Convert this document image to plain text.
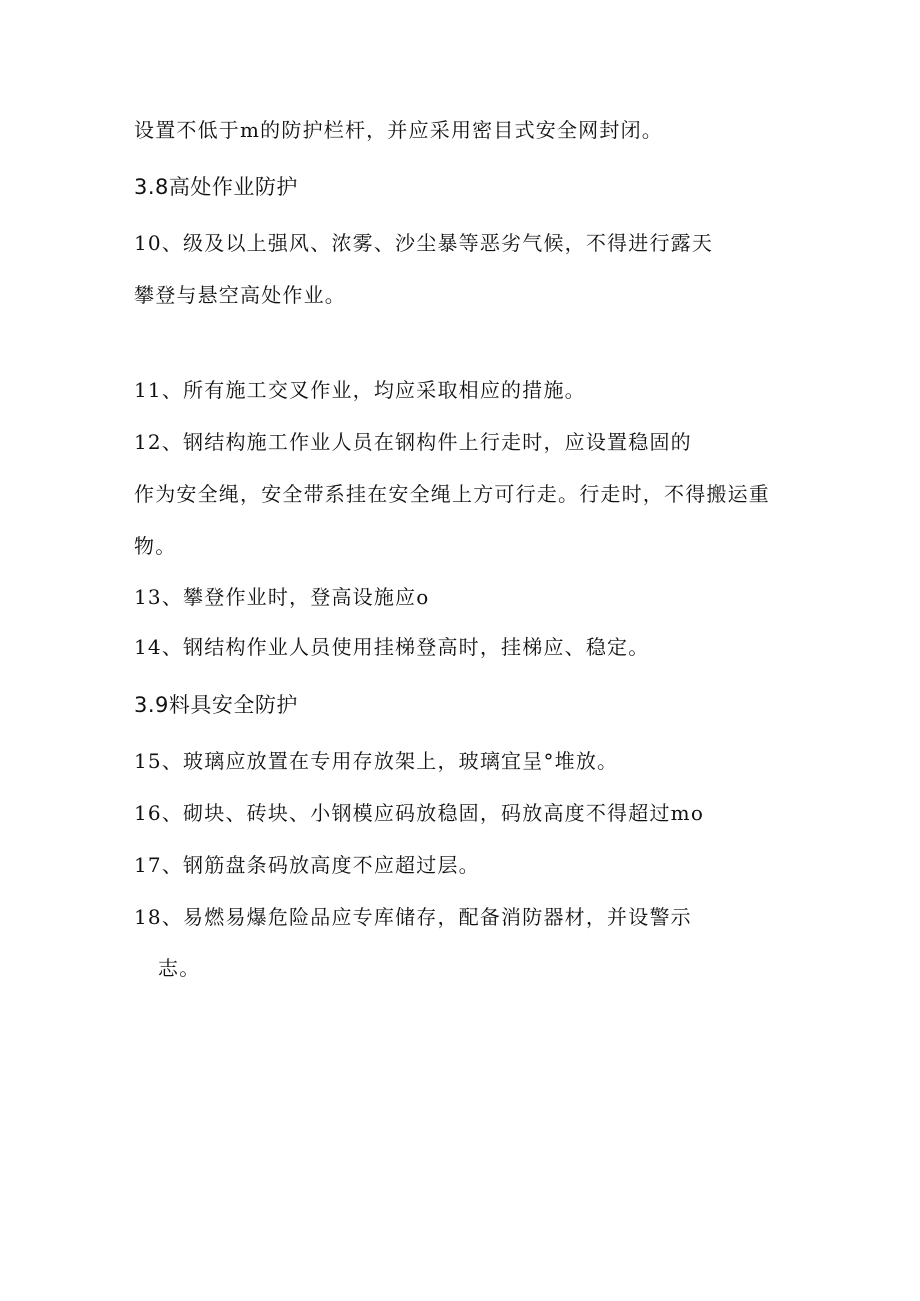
设置不低于m的防护栏杆，并应采用密目式安全网封闭。
3.8高处作业防护
10、级及以上强风、浓雾、沙尘暴等恶劣气候，不得进行露天
攀登与悬空高处作业。
11、所有施工交叉作业，均应采取相应的措施。
12、钢结构施工作业人员在钢构件上行走时，应设置稳固的
作为安全绳，安全带系挂在安全绳上方可行走。行走时，不得搬运重
物。
13、攀登作业时，登高设施应o
14、钢结构作业人员使用挂梯登高时，挂梯应、稳定。
3.9料具安全防护
15、玻璃应放置在专用存放架上，玻璃宜呈°堆放。
16、砌块、砖块、小钢模应码放稳固，码放高度不得超过mo
17、钢筋盘条码放高度不应超过层。
18、易燃易爆危险品应专库储存，配备消防器材，并设警示
志。
